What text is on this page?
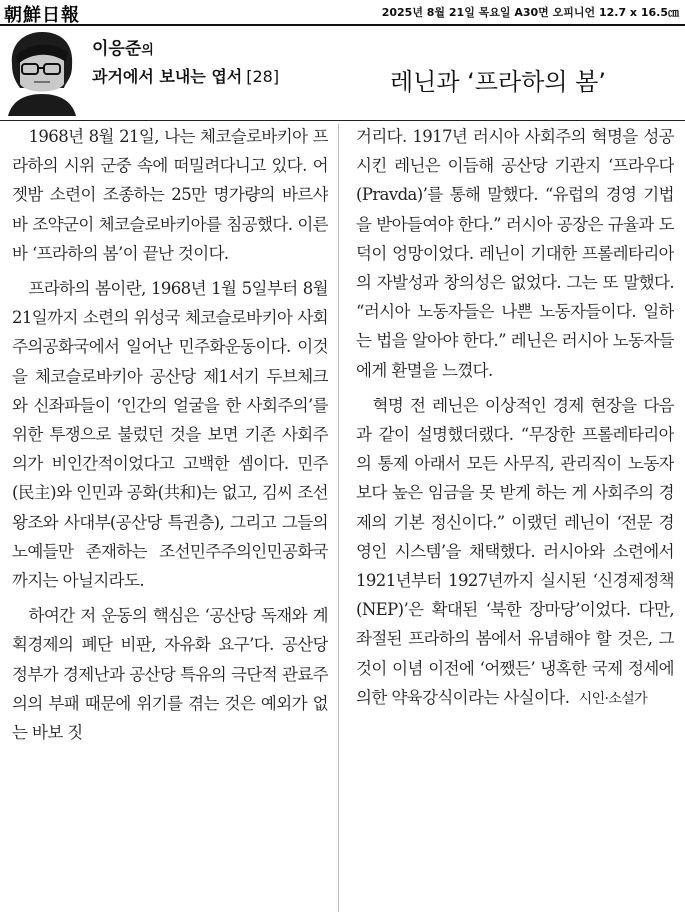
朝鮮日報	2025년 8월 21일 목요일 A30면 오피니언 12.7 x 16.5㎝
이응준의
과거에서 보내는 엽서 [28]	레닌과 ‘프라하의 봄’

1968년 8월 21일, 나는 체코슬로바키아 프라하의 시위 군중 속에 떠밀려다니고 있다. 어젯밤 소련이 조종하는 25만 명가량의 바르샤바 조약군이 체코슬로바키아를 침공했다. 이른바 ‘프라하의 봄’이 끝난 것이다.

프라하의 봄이란, 1968년 1월 5일부터 8월 21일까지 소련의 위성국 체코슬로바키아 사회주의공화국에서 일어난 민주화운동이다. 이것을 체코슬로바키아 공산당 제1서기 두브체크와 신좌파들이 ‘인간의 얼굴을 한 사회주의’를 위한 투쟁으로 불렀던 것을 보면 기존 사회주의가 비인간적이었다고 고백한 셈이다. 민주(民主)와 인민과 공화(共和)는 없고, 김씨 조선 왕조와 사대부(공산당 특권층), 그리고 그들의 노예들만 존재하는 조선민주주의인민공화국까지는 아닐지라도.

하여간 저 운동의 핵심은 ‘공산당 독재와 계획경제의 폐단 비판, 자유화 요구’다. 공산당 정부가 경제난과 공산당 특유의 극단적 관료주의의 부패 때문에 위기를 겪는 것은 예외가 없는 바보 짓

거리다. 1917년 러시아 사회주의 혁명을 성공시킨 레닌은 이듬해 공산당 기관지 ‘프라우다(Pravda)’를 통해 말했다. “유럽의 경영 기법을 받아들여야 한다.” 러시아 공장은 규율과 도덕이 엉망이었다. 레닌이 기대한 프롤레타리아의 자발성과 창의성은 없었다. 그는 또 말했다. “러시아 노동자들은 나쁜 노동자들이다. 일하는 법을 알아야 한다.” 레닌은 러시아 노동자들에게 환멸을 느꼈다.

혁명 전 레닌은 이상적인 경제 현장을 다음과 같이 설명했더랬다. “무장한 프롤레타리아의 통제 아래서 모든 사무직, 관리직이 노동자보다 높은 임금을 못 받게 하는 게 사회주의 경제의 기본 정신이다.” 이랬던 레닌이 ‘전문 경영인 시스템’을 채택했다. 러시아와 소련에서 1921년부터 1927년까지 실시된 ‘신경제정책(NEP)’은 확대된 ‘북한 장마당’이었다. 다만, 좌절된 프라하의 봄에서 유념해야 할 것은, 그것이 이념 이전에 ‘어쨌든’ 냉혹한 국제 정세에 의한 약육강식이라는 사실이다. 시인·소설가
